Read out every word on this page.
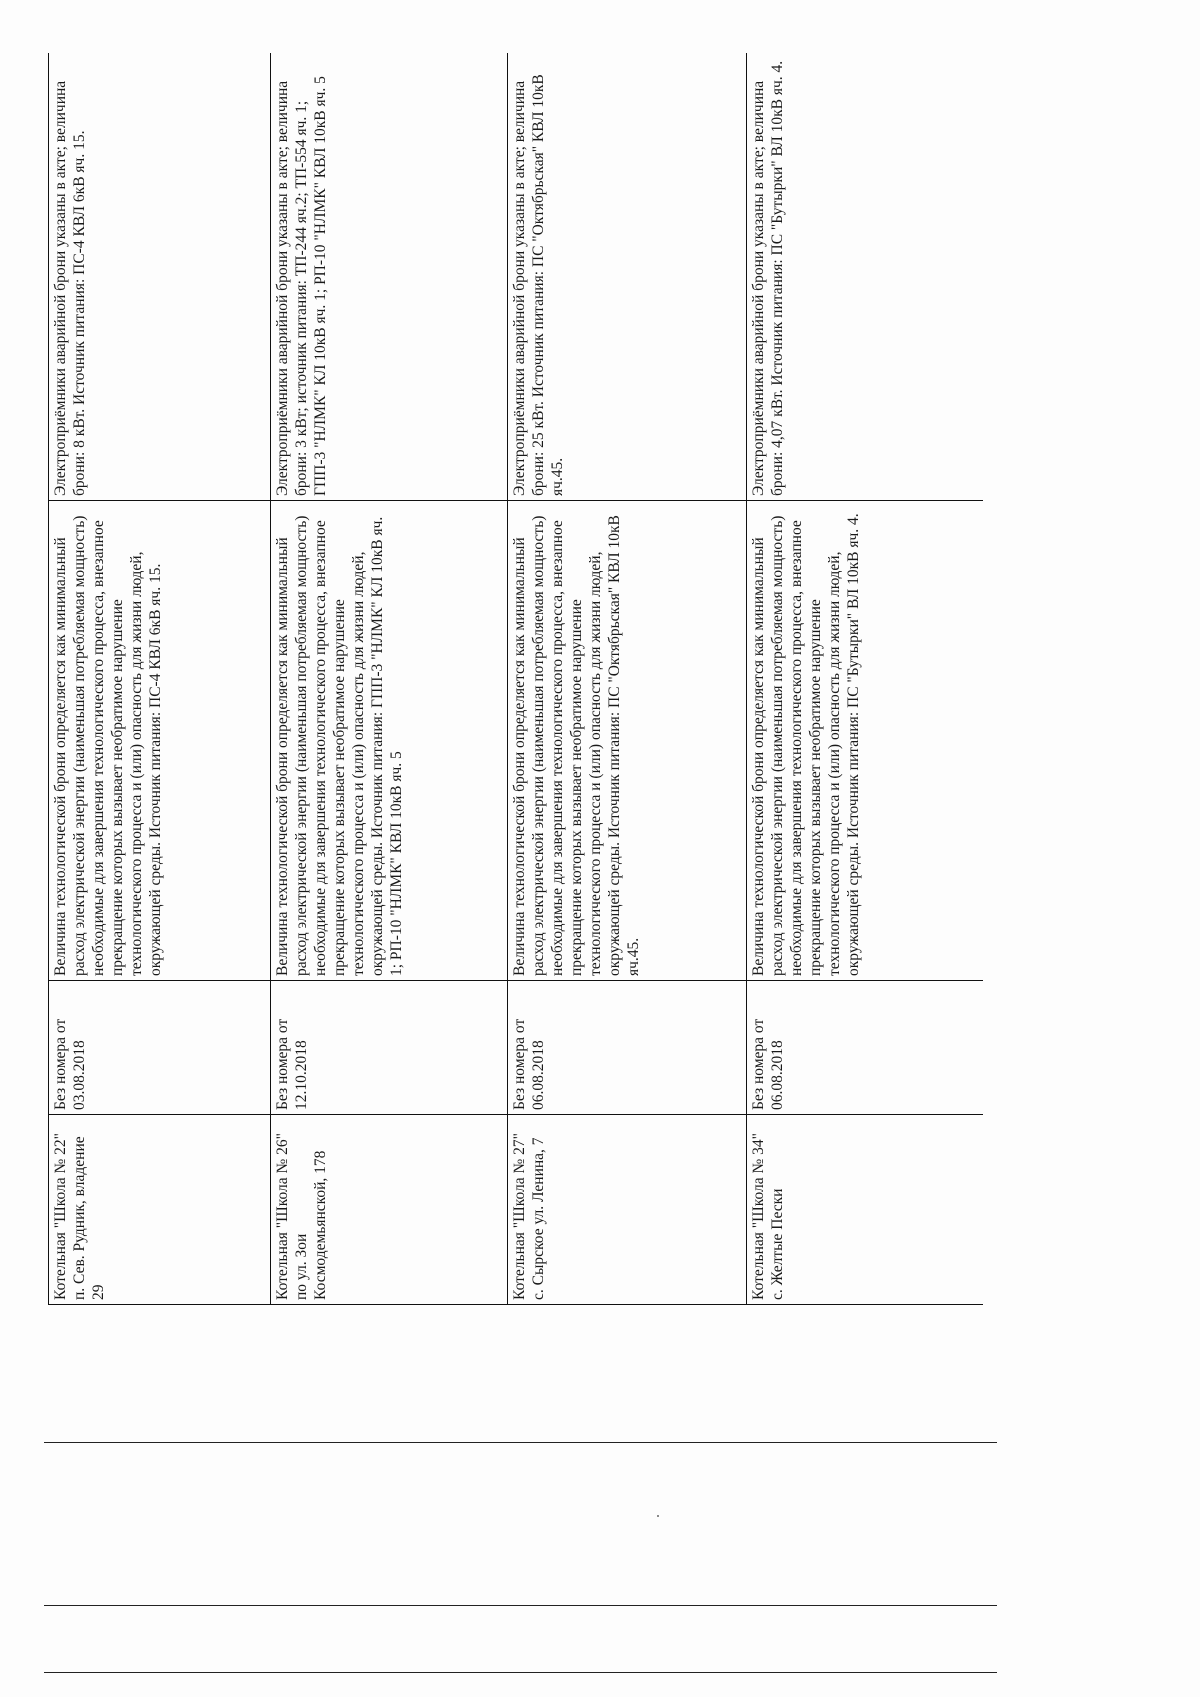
Котельная "Школа № 22" п. Сев. Рудник, владение 29	Без номера от 03.08.2018	Величина технологической брони определяется как минимальный расход электрической энергии (наименьшая потребляемая мощность) необходимые для завершения технологического процесса, внезапное прекращение которых вызывает необратимое нарушение технологического процесса и (или) опасность для жизни людей, окружающей среды. Источник питания: ПС-4 КВЛ 6кВ яч. 15.	Электроприёмники аварийной брони указаны в акте; величина брони: 8 кВт. Источник питания: ПС-4 КВЛ 6кВ яч. 15.
Котельная "Школа № 26" по ул. Зои Космодемьянской, 178	Без номера от 12.10.2018	Величина технологической брони определяется как минимальный расход электрической энергии (наименьшая потребляемая мощность) необходимые для завершения технологического процесса, внезапное прекращение которых вызывает необратимое нарушение технологического процесса и (или) опасность для жизни людей, окружающей среды. Источник питания: ГПП-3 "НЛМК" КЛ 10кВ яч. 1; РП-10 "НЛМК" КВЛ 10кВ яч. 5	Электроприёмники аварийной брони указаны в акте; величина брони: 3 кВт; источник питания: ТП-244 яч.2; ТП-554 яч. 1; ГПП-3 "НЛМК" КЛ 10кВ яч. 1; РП-10 "НЛМК" КВЛ 10кВ яч. 5
Котельная "Школа № 27" с. Сырское ул. Ленина, 7	Без номера от 06.08.2018	Величина технологической брони определяется как минимальный расход электрической энергии (наименьшая потребляемая мощность) необходимые для завершения технологического процесса, внезапное прекращение которых вызывает необратимое нарушение технологического процесса и (или) опасность для жизни людей, окружающей среды. Источник питания: ПС "Октябрьская" КВЛ 10кВ яч.45.	Электроприёмники аварийной брони указаны в акте; величина брони: 25 кВт. Источник питания: ПС "Октябрьская" КВЛ 10кВ яч.45.
Котельная "Школа № 34" с. Желтые Пески	Без номера от 06.08.2018	Величина технологической брони определяется как минимальный расход электрической энергии (наименьшая потребляемая мощность) необходимые для завершения технологического процесса, внезапное прекращение которых вызывает необратимое нарушение технологического процесса и (или) опасность для жизни людей, окружающей среды. Источник питания: ПС "Бутырки" ВЛ 10кВ яч. 4.	Электроприёмники аварийной брони указаны в акте; величина брони: 4,07 кВт. Источник питания: ПС "Бутырки" ВЛ 10кВ яч. 4.
